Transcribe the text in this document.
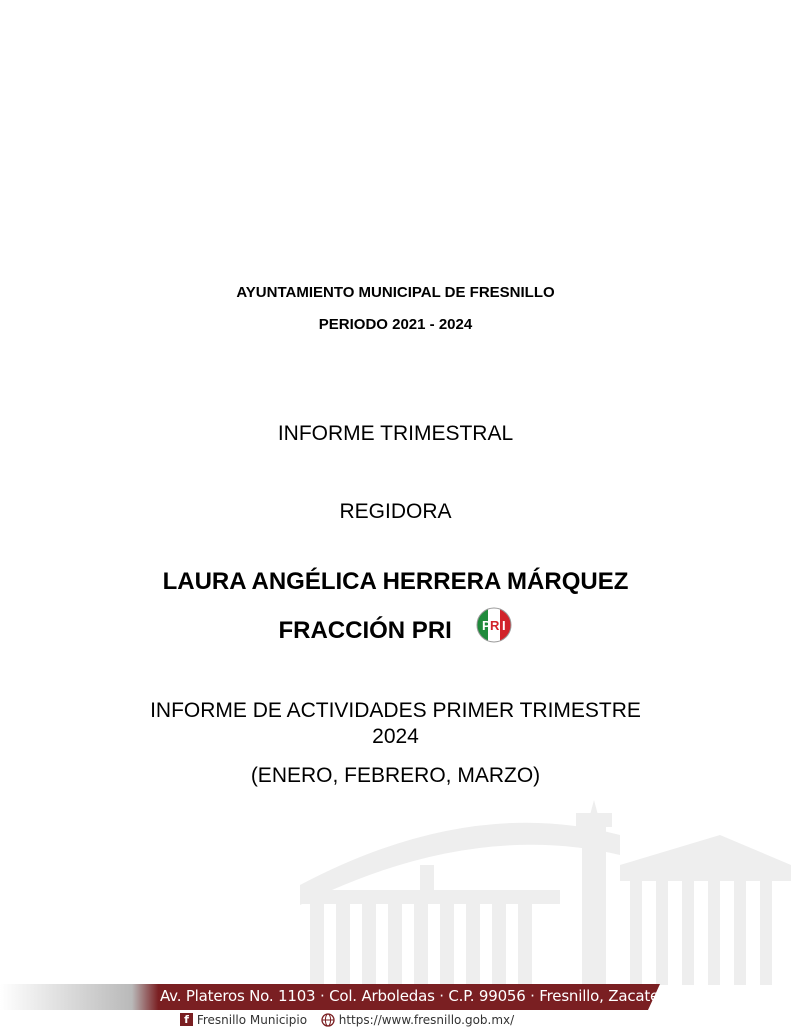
AYUNTAMIENTO MUNICIPAL DE FRESNILLO
PERIODO 2021 - 2024
INFORME TRIMESTRAL
REGIDORA
LAURA ANGÉLICA HERRERA MÁRQUEZ
FRACCIÓN PRI P R I
INFORME DE ACTIVIDADES PRIMER TRIMESTRE
2024
(ENERO, FEBRERO, MARZO)
Av. Plateros No. 1103 · Col. Arboledas · C.P. 99056 · Fresnillo, Zacatecas.
f Fresnillo Municipio	https://www.fresnillo.gob.mx/
